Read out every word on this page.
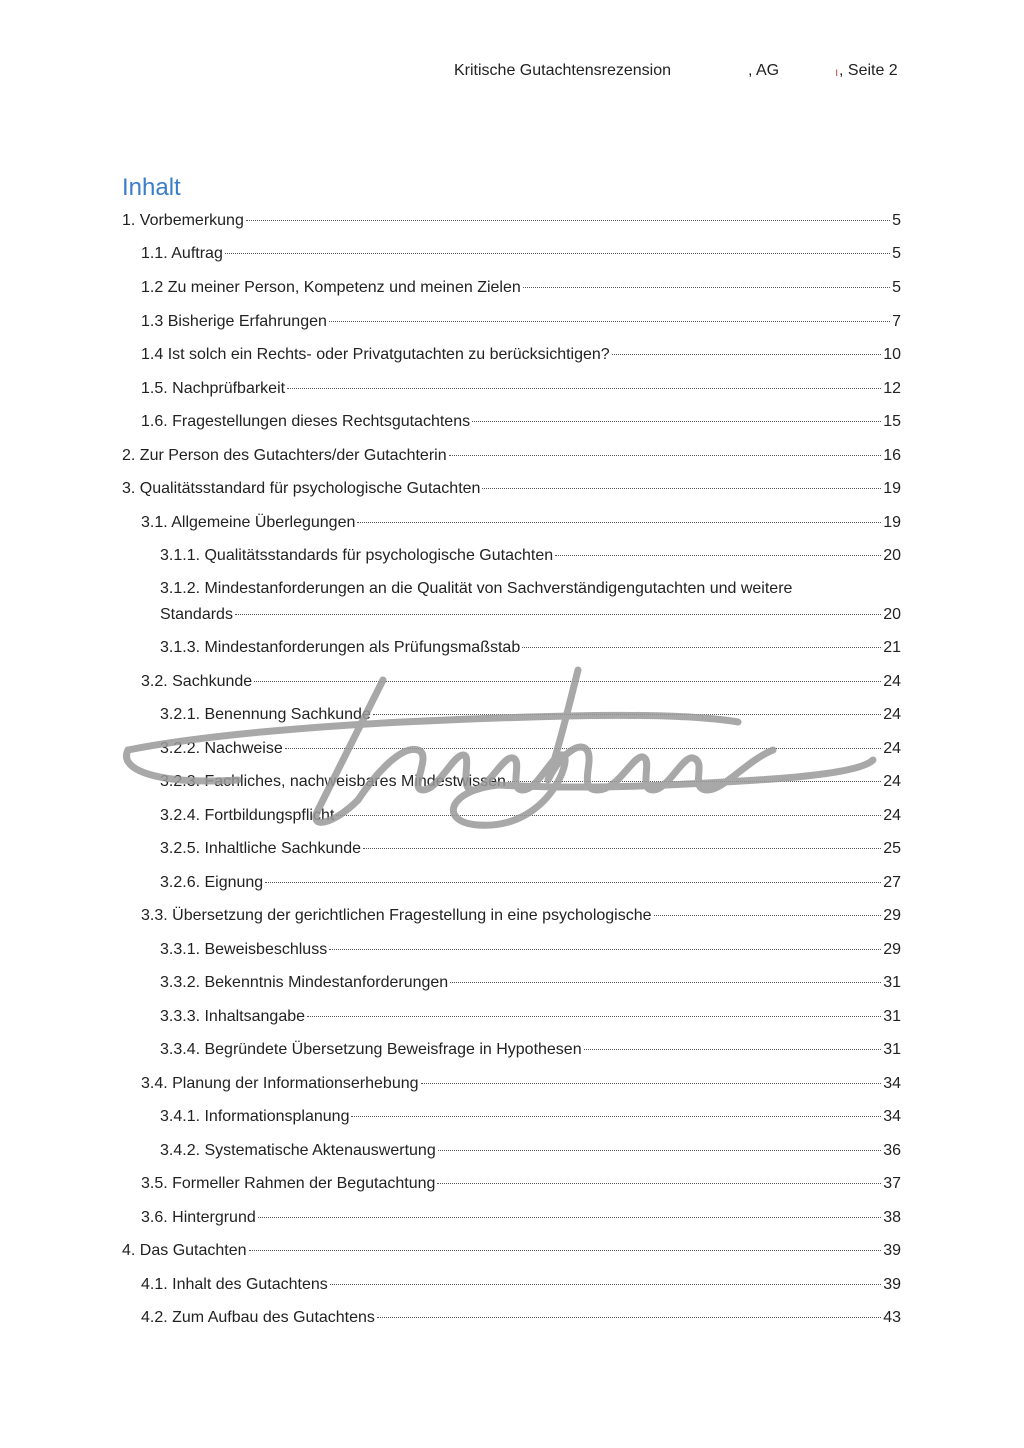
Kritische Gutachtensrezension	, AG	ı , Seite 2
Inhalt
1. Vorbemerkung	5
1.1. Auftrag	5
1.2 Zu meiner Person, Kompetenz und meinen Zielen	5
1.3 Bisherige Erfahrungen	7
1.4 Ist solch ein Rechts- oder Privatgutachten zu berücksichtigen?	10
1.5. Nachprüfbarkeit	12
1.6. Fragestellungen dieses Rechtsgutachtens	15
2. Zur Person des Gutachters/der Gutachterin	16
3. Qualitätsstandard für psychologische Gutachten	19
3.1. Allgemeine Überlegungen	19
3.1.1. Qualitätsstandards für psychologische Gutachten	20
3.1.2. Mindestanforderungen an die Qualität von Sachverständigengutachten und weitere
Standards	20
3.1.3. Mindestanforderungen als Prüfungsmaßstab	21
3.2. Sachkunde	24
3.2.1. Benennung Sachkunde	24
3.2.2. Nachweise	24
3.2.3. Fachliches, nachweisbares Mindestwissen	24
3.2.4. Fortbildungspflicht	24
3.2.5. Inhaltliche Sachkunde	25
3.2.6. Eignung	27
3.3. Übersetzung der gerichtlichen Fragestellung in eine psychologische	29
3.3.1. Beweisbeschluss	29
3.3.2. Bekenntnis Mindestanforderungen	31
3.3.3. Inhaltsangabe	31
3.3.4. Begründete Übersetzung Beweisfrage in Hypothesen	31
3.4. Planung der Informationserhebung	34
3.4.1. Informationsplanung	34
3.4.2. Systematische Aktenauswertung	36
3.5. Formeller Rahmen der Begutachtung	37
3.6. Hintergrund	38
4. Das Gutachten	39
4.1. Inhalt des Gutachtens	39
4.2. Zum Aufbau des Gutachtens	43
